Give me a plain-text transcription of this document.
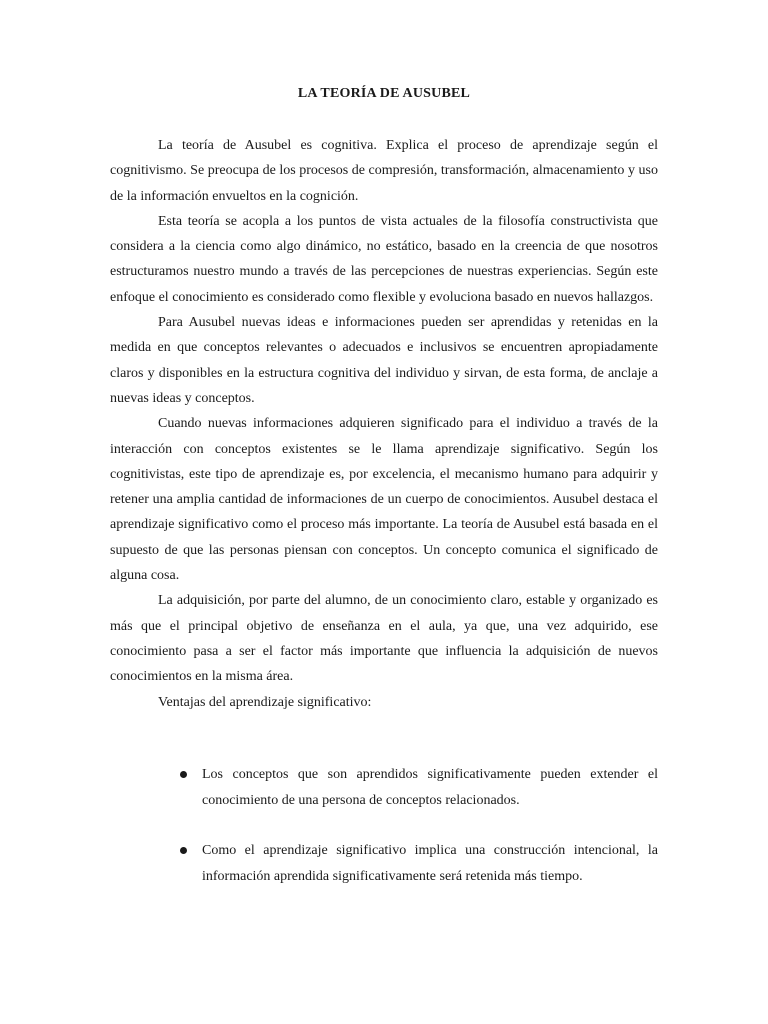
LA TEORÍA DE AUSUBEL

La teoría de Ausubel es cognitiva. Explica el proceso de aprendizaje según el cognitivismo. Se preocupa de los procesos de compresión, transformación, almacenamiento y uso de la información envueltos en la cognición.

Esta teoría se acopla a los puntos de vista actuales de la filosofía constructivista que considera a la ciencia como algo dinámico, no estático, basado en la creencia de que nosotros estructuramos nuestro mundo a través de las percepciones de nuestras experiencias. Según este enfoque el conocimiento es considerado como flexible y evoluciona basado en nuevos hallazgos.

Para Ausubel nuevas ideas e informaciones pueden ser aprendidas y retenidas en la medida en que conceptos relevantes o adecuados e inclusivos se encuentren apropiadamente claros y disponibles en la estructura cognitiva del individuo y sirvan, de esta forma, de anclaje a nuevas ideas y conceptos.

Cuando nuevas informaciones adquieren significado para el individuo a través de la interacción con conceptos existentes se le llama aprendizaje significativo. Según los cognitivistas, este tipo de aprendizaje es, por excelencia, el mecanismo humano para adquirir y retener una amplia cantidad de informaciones de un cuerpo de conocimientos. Ausubel destaca el aprendizaje significativo como el proceso más importante. La teoría de Ausubel está basada en el supuesto de que las personas piensan con conceptos. Un concepto comunica el significado de alguna cosa.

La adquisición, por parte del alumno, de un conocimiento claro, estable y organizado es más que el principal objetivo de enseñanza en el aula, ya que, una vez adquirido, ese conocimiento pasa a ser el factor más importante que influencia la adquisición de nuevos conocimientos en la misma área.

Ventajas del aprendizaje significativo:

Los conceptos que son aprendidos significativamente pueden extender el conocimiento de una persona de conceptos relacionados.
Como el aprendizaje significativo implica una construcción intencional, la información aprendida significativamente será retenida más tiempo.
